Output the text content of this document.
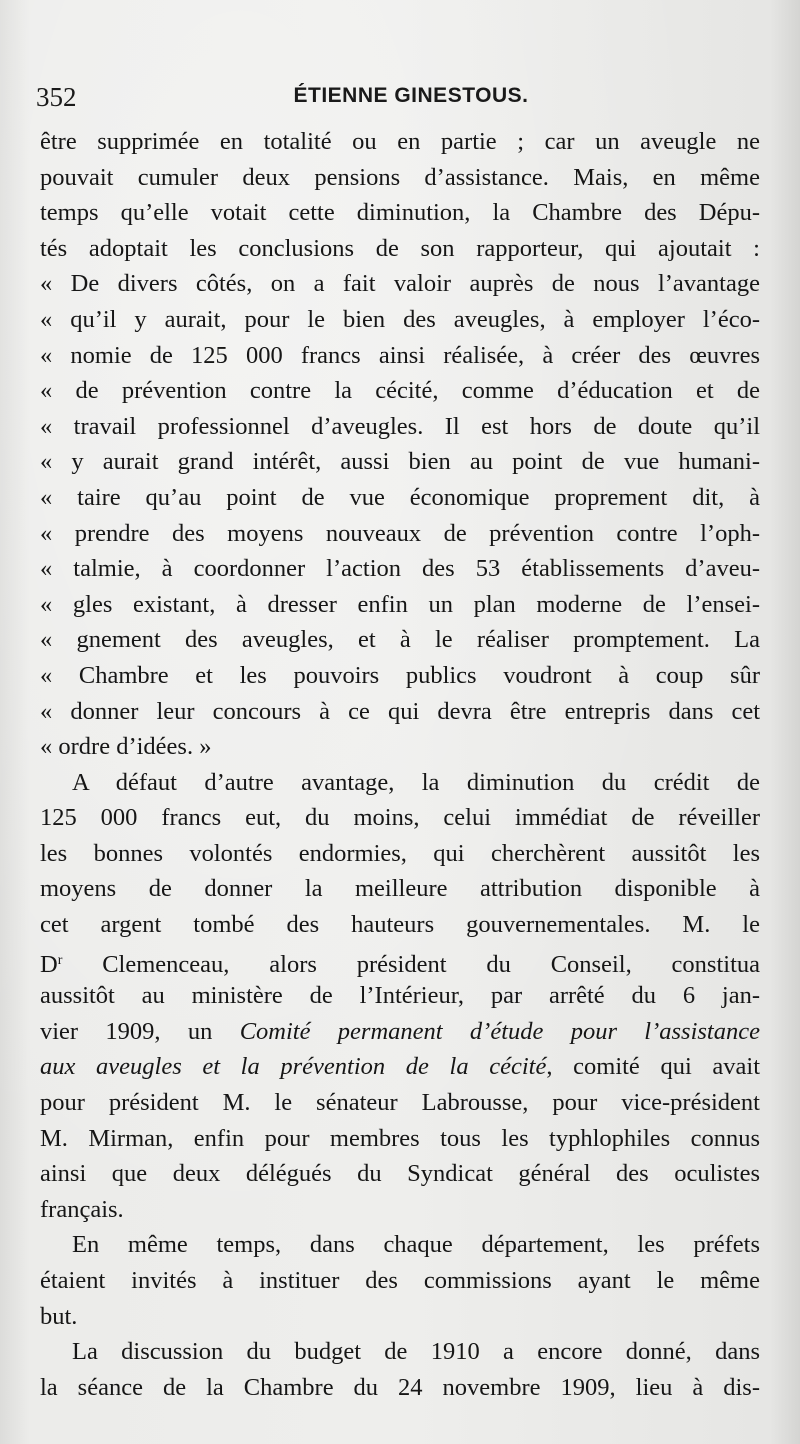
352	ÉTIENNE GINESTOUS.
être supprimée en totalité ou en partie ; car un aveugle ne
pouvait cumuler deux pensions d’assistance. Mais, en même
temps qu’elle votait cette diminution, la Chambre des Dépu-
tés adoptait les conclusions de son rapporteur, qui ajoutait :
« De divers côtés, on a fait valoir auprès de nous l’avantage
« qu’il y aurait, pour le bien des aveugles, à employer l’éco-
« nomie de 125 000 francs ainsi réalisée, à créer des œuvres
« de prévention contre la cécité, comme d’éducation et de
« travail professionnel d’aveugles. Il est hors de doute qu’il
« y aurait grand intérêt, aussi bien au point de vue humani-
« taire qu’au point de vue économique proprement dit, à
« prendre des moyens nouveaux de prévention contre l’oph-
« talmie, à coordonner l’action des 53 établissements d’aveu-
« gles existant, à dresser enfin un plan moderne de l’ensei-
« gnement des aveugles, et à le réaliser promptement. La
« Chambre et les pouvoirs publics voudront à coup sûr
« donner leur concours à ce qui devra être entrepris dans cet
« ordre d’idées. »
A défaut d’autre avantage, la diminution du crédit de
125 000 francs eut, du moins, celui immédiat de réveiller
les bonnes volontés endormies, qui cherchèrent aussitôt les
moyens de donner la meilleure attribution disponible à
cet argent tombé des hauteurs gouvernementales. M. le
$D^r$ Clemenceau, alors président du Conseil, constitua
aussitôt au ministère de l’Intérieur, par arrêté du 6 jan-
vier 1909, un Comité permanent d’étude pour l’assistance
aux aveugles et la prévention de la cécité, comité qui avait
pour président M. le sénateur Labrousse, pour vice-président
M. Mirman, enfin pour membres tous les typhlophiles connus
ainsi que deux délégués du Syndicat général des oculistes
français.
En même temps, dans chaque département, les préfets
étaient invités à instituer des commissions ayant le même
but.
La discussion du budget de 1910 a encore donné, dans
la séance de la Chambre du 24 novembre 1909, lieu à dis-
